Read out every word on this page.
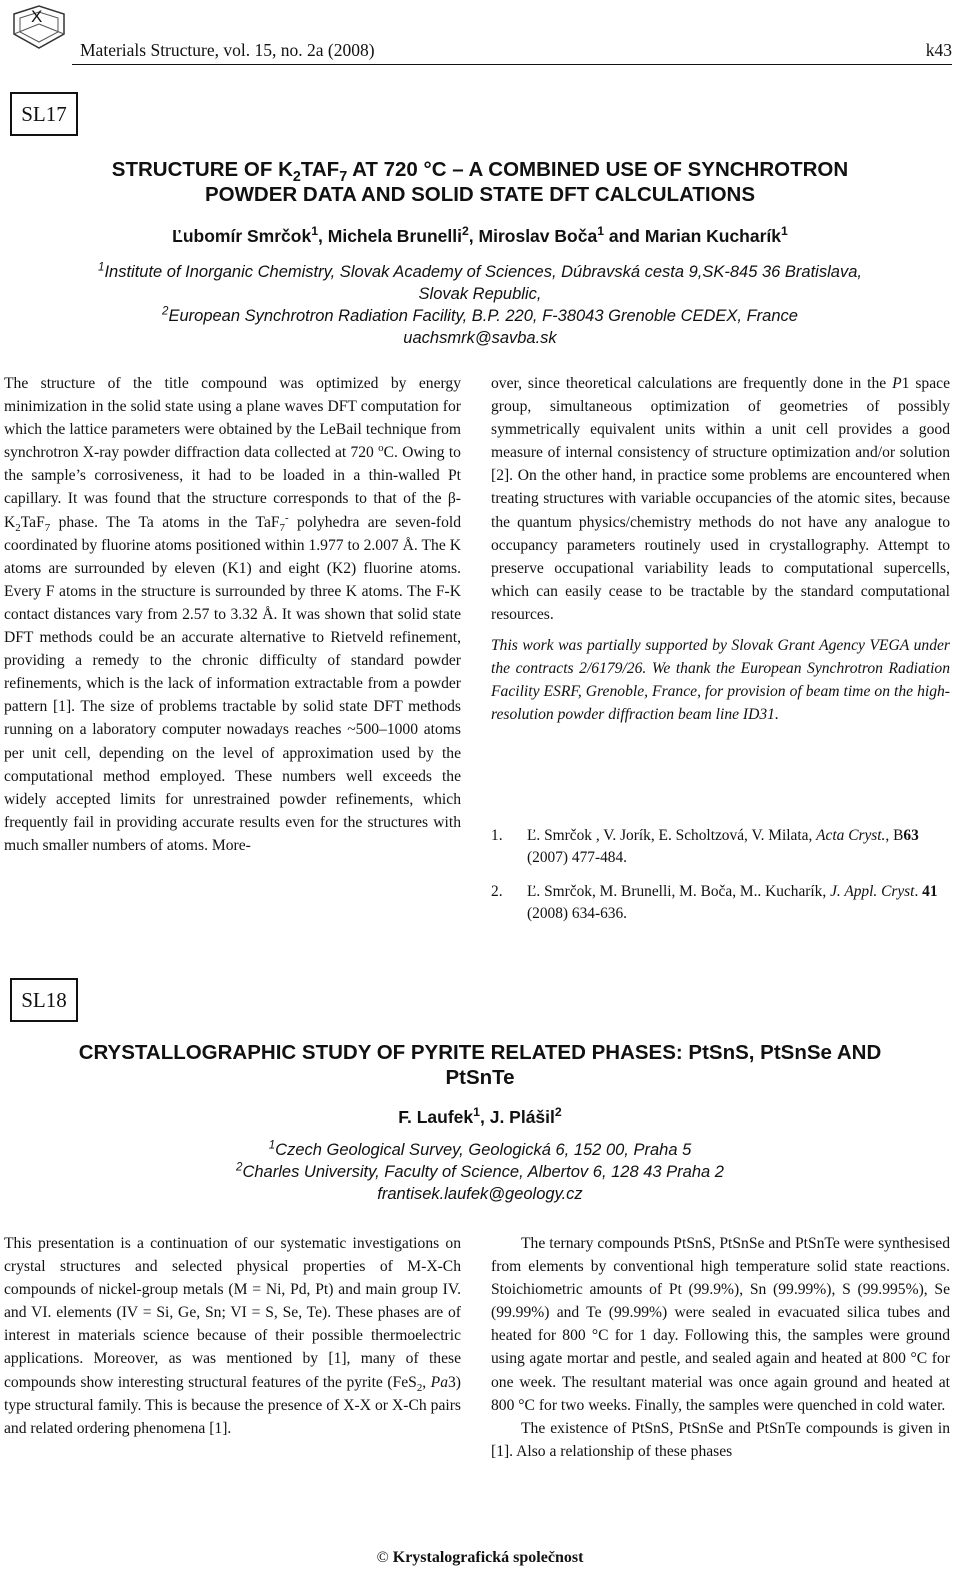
X
Materials Structure, vol. 15, no. 2a (2008)	k43
SL17
STRUCTURE OF $K_2TAF_7$ AT 720 °C – A COMBINED USE OF SYNCHROTRON
POWDER DATA AND SOLID STATE DFT CALCULATIONS
Ľubomír Smrčok$^1$, Michela Brunelli$^2$, Miroslav Boča$^1$ and Marian Kucharík$^1$
$^1$Institute of Inorganic Chemistry, Slovak Academy of Sciences, Dúbravská cesta 9,SK-845 36 Bratislava,
Slovak Republic,
$^2$European Synchrotron Radiation Facility, B.P. 220, F-38043 Grenoble CEDEX, France
uachsmrk@savba.sk

The structure of the title compound was optimized by energy minimization in the solid state using a plane waves DFT computation for which the lattice parameters were obtained by the LeBail technique from synchrotron X-ray powder diffraction data collected at 720 $^o$C. Owing to the sample’s corrosiveness, it had to be loaded in a thin-walled Pt capillary. It was found that the structure corresponds to that of the $\beta-K_2TaF_7$ phase. The Ta atoms in the TaF$_7$- polyhedra are seven-fold coordinated by fluorine atoms positioned within 1.977 to 2.007 Å. The K atoms are surrounded by eleven (K1) and eight (K2) fluorine atoms. Every F atoms in the structure is surrounded by three K atoms. The F-K contact distances vary from 2.57 to 3.32 Å. It was shown that solid state DFT methods could be an accurate alternative to Rietveld refinement, providing a remedy to the chronic difficulty of standard powder refinements, which is the lack of information extractable from a powder pattern [1]. The size of problems tractable by solid state DFT methods running on a laboratory computer nowadays reaches ~500–1000 atoms per unit cell, depending on the level of approximation used by the computational method employed. These numbers well exceeds the widely accepted limits for unrestrained powder refinements, which frequently fail in providing accurate results even for the structures with much smaller numbers of atoms. More-

over, since theoretical calculations are frequently done in the P1 space group, simultaneous optimization of geometries of possibly symmetrically equivalent units within a unit cell provides a good measure of internal consistency of structure optimization and/or solution [2]. On the other hand, in practice some problems are encountered when treating structures with variable occupancies of the atomic sites, because the quantum physics/chemistry methods do not have any analogue to occupancy parameters routinely used in crystallography. Attempt to preserve occupational variability leads to computational supercells, which can easily cease to be tractable by the standard computational resources.

This work was partially supported by Slovak Grant Agency VEGA under the contracts 2/6179/26. We thank the European Synchrotron Radiation Facility ESRF, Grenoble, France, for provision of beam time on the high-resolution powder diffraction beam line ID31.

1. Ľ. Smrčok , V. Jorík, E. Scholtzová, V. Milata, Acta Cryst., B63 (2007) 477-484.
2. Ľ. Smrčok, M. Brunelli, M. Boča, M.. Kucharík, J. Appl. Cryst. 41 (2008) 634-636.
SL18
CRYSTALLOGRAPHIC STUDY OF PYRITE RELATED PHASES: PtSnS, PtSnSe AND
PtSnTe
F. Laufek$^1$, J. Plášil$^2$
$^1$Czech Geological Survey, Geologická 6, 152 00, Praha 5
$^2$Charles University, Faculty of Science, Albertov 6, 128 43 Praha 2
frantisek.laufek@geology.cz

This presentation is a continuation of our systematic investigations on crystal structures and selected physical properties of M-X-Ch compounds of nickel-group metals (M = Ni, Pd, Pt) and main group IV. and VI. elements (IV = Si, Ge, Sn; VI = S, Se, Te). These phases are of interest in materials science because of their possible thermoelectric applications. Moreover, as was mentioned by [1], many of these compounds show interesting structural features of the pyrite (FeS$_2$, Pa3) type structural family. This is because the presence of X-X or X-Ch pairs and related ordering phenomena [1].

The ternary compounds PtSnS, PtSnSe and PtSnTe were synthesised from elements by conventional high temperature solid state reactions. Stoichiometric amounts of Pt (99.9%), Sn (99.99%), S (99.995%), Se (99.99%) and Te (99.99%) were sealed in evacuated silica tubes and heated for 800 °C for 1 day. Following this, the samples were ground using agate mortar and pestle, and sealed again and heated at 800 °C for one week. The resultant material was once again ground and heated at 800 °C for two weeks. Finally, the samples were quenched in cold water.

The existence of PtSnS, PtSnSe and PtSnTe compounds is given in [1]. Also a relationship of these phases

© Krystalografická společnost
